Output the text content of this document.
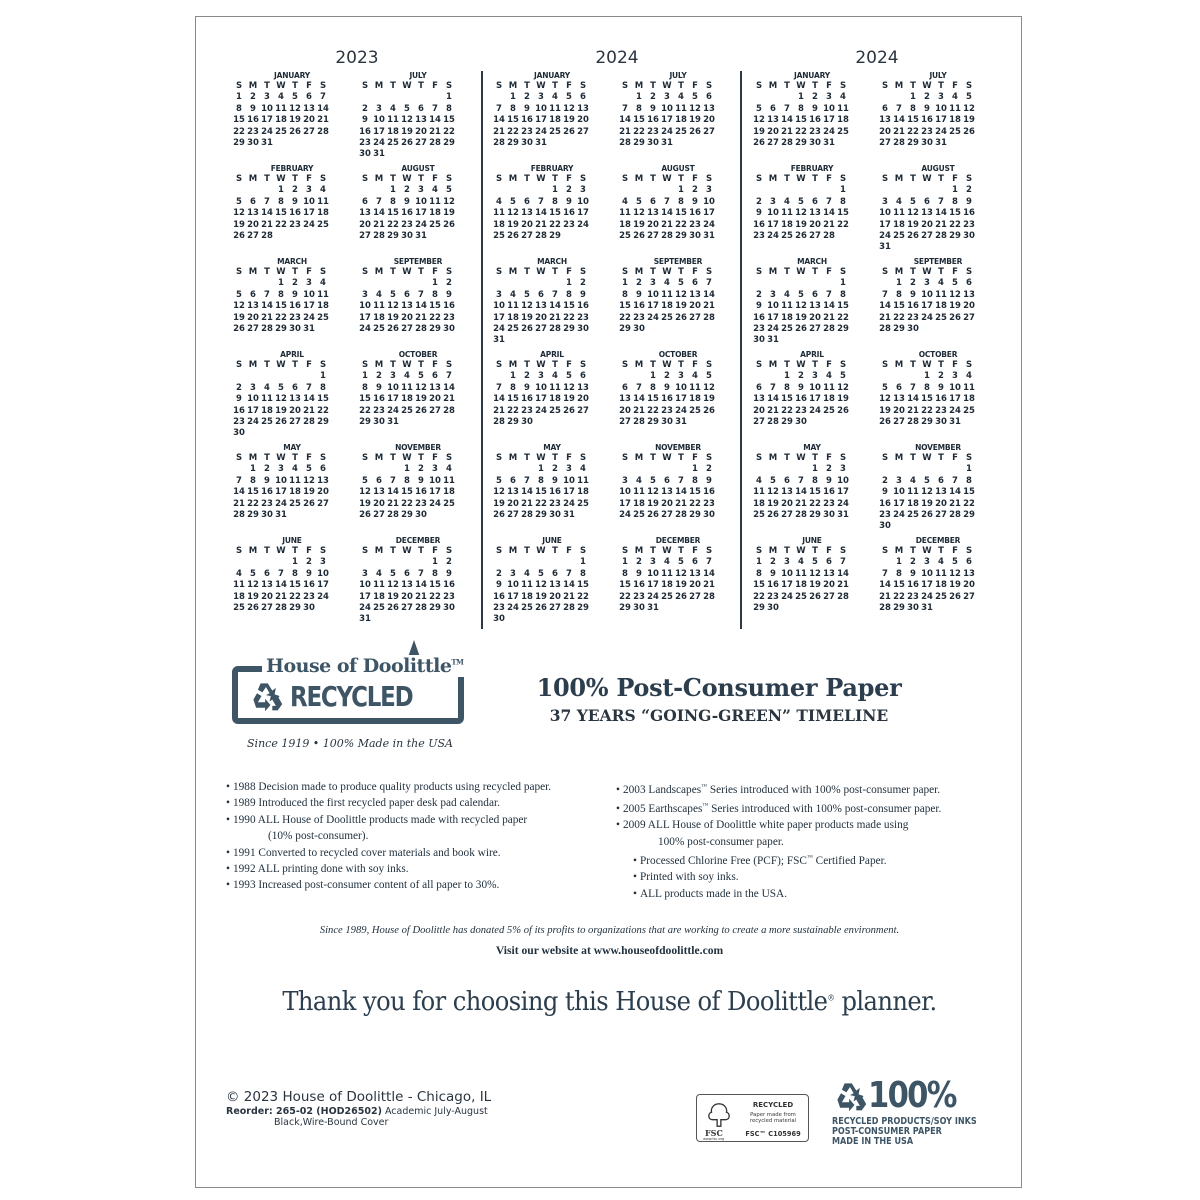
2023
JANUARY
S M T W T F S
1 2 3 4 5 6 7
8 9 10 11 12 13 14
15 16 17 18 19 20 21
22 23 24 25 26 27 28
29 30 31
FEBRUARY
S M T W T F S
1 2 3 4
5 6 7 8 9 10 11
12 13 14 15 16 17 18
19 20 21 22 23 24 25
26 27 28
MARCH
S M T W T F S
1 2 3 4
5 6 7 8 9 10 11
12 13 14 15 16 17 18
19 20 21 22 23 24 25
26 27 28 29 30 31
APRIL
S M T W T F S
1
2 3 4 5 6 7 8
9 10 11 12 13 14 15
16 17 18 19 20 21 22
23 24 25 26 27 28 29
30
MAY
S M T W T F S
1 2 3 4 5 6
7 8 9 10 11 12 13
14 15 16 17 18 19 20
21 22 23 24 25 26 27
28 29 30 31
JUNE
S M T W T F S
1 2 3
4 5 6 7 8 9 10
11 12 13 14 15 16 17
18 19 20 21 22 23 24
25 26 27 28 29 30
JULY
S M T W T F S
1
2 3 4 5 6 7 8
9 10 11 12 13 14 15
16 17 18 19 20 21 22
23 24 25 26 27 28 29
30 31
AUGUST
S M T W T F S
1 2 3 4 5
6 7 8 9 10 11 12
13 14 15 16 17 18 19
20 21 22 23 24 25 26
27 28 29 30 31
SEPTEMBER
S M T W T F S
1 2
3 4 5 6 7 8 9
10 11 12 13 14 15 16
17 18 19 20 21 22 23
24 25 26 27 28 29 30
OCTOBER
S M T W T F S
1 2 3 4 5 6 7
8 9 10 11 12 13 14
15 16 17 18 19 20 21
22 23 24 25 26 27 28
29 30 31
NOVEMBER
S M T W T F S
1 2 3 4
5 6 7 8 9 10 11
12 13 14 15 16 17 18
19 20 21 22 23 24 25
26 27 28 29 30
DECEMBER
S M T W T F S
1 2
3 4 5 6 7 8 9
10 11 12 13 14 15 16
17 18 19 20 21 22 23
24 25 26 27 28 29 30
31
2024
JANUARY
S M T W T F S
1 2 3 4 5 6
7 8 9 10 11 12 13
14 15 16 17 18 19 20
21 22 23 24 25 26 27
28 29 30 31
FEBRUARY
S M T W T F S
1 2 3
4 5 6 7 8 9 10
11 12 13 14 15 16 17
18 19 20 21 22 23 24
25 26 27 28 29
MARCH
S M T W T F S
1 2
3 4 5 6 7 8 9
10 11 12 13 14 15 16
17 18 19 20 21 22 23
24 25 26 27 28 29 30
31
APRIL
S M T W T F S
1 2 3 4 5 6
7 8 9 10 11 12 13
14 15 16 17 18 19 20
21 22 23 24 25 26 27
28 29 30
MAY
S M T W T F S
1 2 3 4
5 6 7 8 9 10 11
12 13 14 15 16 17 18
19 20 21 22 23 24 25
26 27 28 29 30 31
JUNE
S M T W T F S
1
2 3 4 5 6 7 8
9 10 11 12 13 14 15
16 17 18 19 20 21 22
23 24 25 26 27 28 29
30
JULY
S M T W T F S
1 2 3 4 5 6
7 8 9 10 11 12 13
14 15 16 17 18 19 20
21 22 23 24 25 26 27
28 29 30 31
AUGUST
S M T W T F S
1 2 3
4 5 6 7 8 9 10
11 12 13 14 15 16 17
18 19 20 21 22 23 24
25 26 27 28 29 30 31
SEPTEMBER
S M T W T F S
1 2 3 4 5 6 7
8 9 10 11 12 13 14
15 16 17 18 19 20 21
22 23 24 25 26 27 28
29 30
OCTOBER
S M T W T F S
1 2 3 4 5
6 7 8 9 10 11 12
13 14 15 16 17 18 19
20 21 22 23 24 25 26
27 28 29 30 31
NOVEMBER
S M T W T F S
1 2
3 4 5 6 7 8 9
10 11 12 13 14 15 16
17 18 19 20 21 22 23
24 25 26 27 28 29 30
DECEMBER
S M T W T F S
1 2 3 4 5 6 7
8 9 10 11 12 13 14
15 16 17 18 19 20 21
22 23 24 25 26 27 28
29 30 31
2024
JANUARY
S M T W T F S
1 2 3 4
5 6 7 8 9 10 11
12 13 14 15 16 17 18
19 20 21 22 23 24 25
26 27 28 29 30 31
FEBRUARY
S M T W T F S
1
2 3 4 5 6 7 8
9 10 11 12 13 14 15
16 17 18 19 20 21 22
23 24 25 26 27 28
MARCH
S M T W T F S
1
2 3 4 5 6 7 8
9 10 11 12 13 14 15
16 17 18 19 20 21 22
23 24 25 26 27 28 29
30 31
APRIL
S M T W T F S
1 2 3 4 5
6 7 8 9 10 11 12
13 14 15 16 17 18 19
20 21 22 23 24 25 26
27 28 29 30
MAY
S M T W T F S
1 2 3
4 5 6 7 8 9 10
11 12 13 14 15 16 17
18 19 20 21 22 23 24
25 26 27 28 29 30 31
JUNE
S M T W T F S
1 2 3 4 5 6 7
8 9 10 11 12 13 14
15 16 17 18 19 20 21
22 23 24 25 26 27 28
29 30
JULY
S M T W T F S
1 2 3 4 5
6 7 8 9 10 11 12
13 14 15 16 17 18 19
20 21 22 23 24 25 26
27 28 29 30 31
AUGUST
S M T W T F S
1 2
3 4 5 6 7 8 9
10 11 12 13 14 15 16
17 18 19 20 21 22 23
24 25 26 27 28 29 30
31
SEPTEMBER
S M T W T F S
1 2 3 4 5 6
7 8 9 10 11 12 13
14 15 16 17 18 19 20
21 22 23 24 25 26 27
28 29 30
OCTOBER
S M T W T F S
1 2 3 4
5 6 7 8 9 10 11
12 13 14 15 16 17 18
19 20 21 22 23 24 25
26 27 28 29 30 31
NOVEMBER
S M T W T F S
1
2 3 4 5 6 7 8
9 10 11 12 13 14 15
16 17 18 19 20 21 22
23 24 25 26 27 28 29
30
DECEMBER
S M T W T F S
1 2 3 4 5 6
7 8 9 10 11 12 13
14 15 16 17 18 19 20
21 22 23 24 25 26 27
28 29 30 31
House of Doolittle™
RECYCLED
Since 1919 • 100% Made in the USA
100% Post-Consumer Paper
37 YEARS “GOING-GREEN” TIMELINE
• 1988 Decision made to produce quality products using recycled paper.
• 1989 Introduced the first recycled paper desk pad calendar.
• 1990 ALL House of Doolittle products made with recycled paper
(10% post-consumer).
• 1991 Converted to recycled cover materials and book wire.
• 1992 ALL printing done with soy inks.
• 1993 Increased post-consumer content of all paper to 30%.
• 2003 Landscapes™ Series introduced with 100% post-consumer paper.
• 2005 Earthscapes™ Series introduced with 100% post-consumer paper.
• 2009 ALL House of Doolittle white paper products made using
100% post-consumer paper.
• Processed Chlorine Free (PCF); FSC™ Certified Paper.
• Printed with soy inks.
• ALL products made in the USA.
Since 1989, House of Doolittle has donated 5% of its profits to organizations that are working to create a more sustainable environment.
Visit our website at www.houseofdoolittle.com
Thank you for choosing this House of Doolittle® planner.
© 2023 House of Doolittle - Chicago, IL
Reorder: 265-02 (HOD26502) Academic July-August
Black,Wire-Bound Cover
FSC
www.fsc.org
RECYCLED
Paper made from recycled material
FSC™ C105969
100%
RECYCLED PRODUCTS/SOY INKS
POST-CONSUMER PAPER
MADE IN THE USA
